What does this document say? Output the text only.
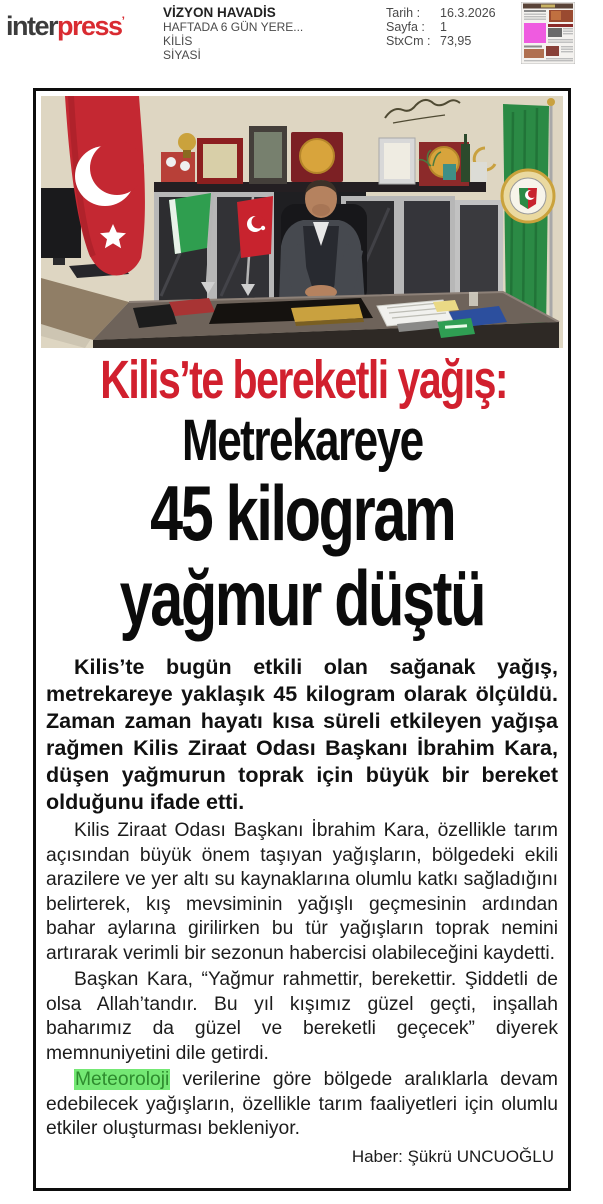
interpress’
VİZYON HAVADİS
HAFTADA 6 GÜN YERE...
KİLİS
SİYASİ
Tarih :	16.3.2026
Sayfa :	1
StxCm : 73,95
Kilis’te bereketli yağış:
Metrekareye
45 kilogram
yağmur düştü

Kilis’te bugün etkili olan sağanak yağış, metrekareye yaklaşık 45 kilogram olarak ölçüldü. Zaman zaman hayatı kısa süreli etkileyen yağışa rağmen Kilis Ziraat Odası Başkanı İbrahim Kara, düşen yağmurun toprak için büyük bir bereket olduğunu ifade etti.

Kilis Ziraat Odası Başkanı İbrahim Kara, özellikle tarım açısından büyük önem taşıyan yağışların, bölgedeki ekili arazilere ve yer altı su kaynaklarına olumlu katkı sağladığını belirterek, kış mevsiminin yağışlı geçmesinin ardından bahar aylarına girilirken bu tür yağışların toprak nemini artırarak verimli bir sezonun habercisi olabileceğini kaydetti.

Başkan Kara, “Yağmur rahmettir, berekettir. Şiddetli de olsa Allah’tandır. Bu yıl kışımız güzel geçti, inşallah baharımız da güzel ve bereketli geçecek” diyerek memnuniyetini dile getirdi.

Meteoroloji verilerine göre bölgede aralıklarla devam edebilecek yağışların, özellikle tarım faaliyetleri için olumlu etkiler oluşturması bekleniyor.

Haber: Şükrü UNCUOĞLU
